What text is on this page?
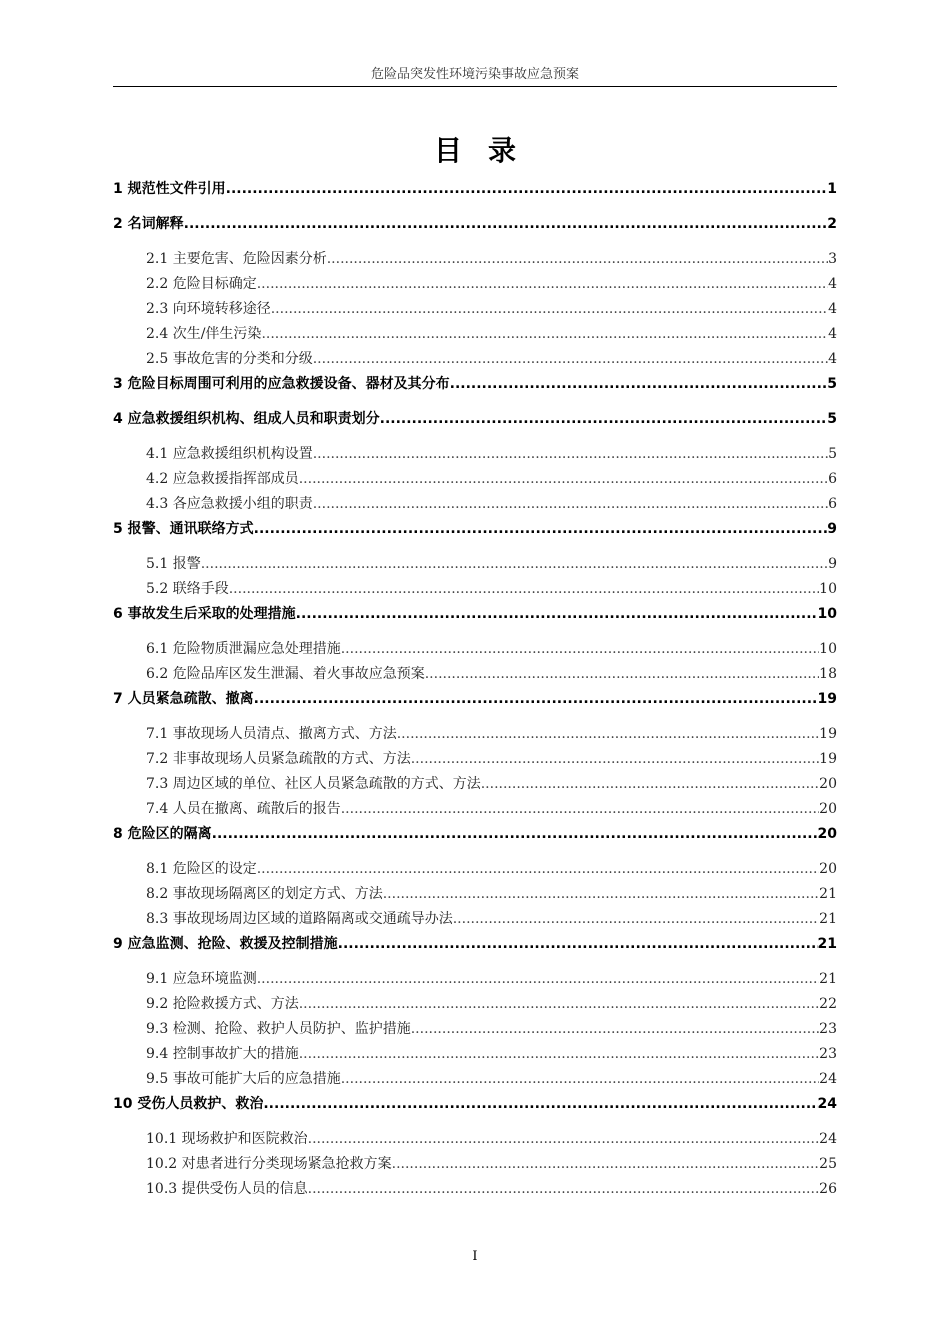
危险品突发性环境污染事故应急预案
目录
1 规范性文件引用 .....	1
2 名词解释 .....	2
2.1 主要危害、危险因素分析 .....	3
2.2 危险目标确定 .....	4
2.3 向环境转移途径 .....	4
2.4 次生/伴生污染 .....	4
2.5 事故危害的分类和分级 .....	4
3 危险目标周围可利用的应急救援设备、器材及其分布 .....	5
4 应急救援组织机构、组成人员和职责划分 .....	5
4.1 应急救援组织机构设置 .....	5
4.2 应急救援指挥部成员 .....	6
4.3 各应急救援小组的职责 .....	6
5 报警、通讯联络方式 .....	9
5.1 报警 .....	9
5.2 联络手段 .....	10
6 事故发生后采取的处理措施 .....	10
6.1 危险物质泄漏应急处理措施 .....	10
6.2 危险品库区发生泄漏、着火事故应急预案 .....	18
7 人员紧急疏散、撤离 .....	19
7.1 事故现场人员清点、撤离方式、方法 .....	19
7.2 非事故现场人员紧急疏散的方式、方法 .....	19
7.3 周边区域的单位、社区人员紧急疏散的方式、方法 .....	20
7.4 人员在撤离、疏散后的报告 .....	20
8 危险区的隔离 .....	20
8.1 危险区的设定 .....	20
8.2 事故现场隔离区的划定方式、方法 .....	21
8.3 事故现场周边区域的道路隔离或交通疏导办法 .....	21
9 应急监测、抢险、救援及控制措施 .....	21
9.1 应急环境监测 .....	21
9.2 抢险救援方式、方法 .....	22
9.3 检测、抢险、救护人员防护、监护措施 .....	23
9.4 控制事故扩大的措施 .....	23
9.5 事故可能扩大后的应急措施 .....	24
10 受伤人员救护、救治 .....	24
10.1 现场救护和医院救治 .....	24
10.2 对患者进行分类现场紧急抢救方案 .....	25
10.3 提供受伤人员的信息 .....	26
I
